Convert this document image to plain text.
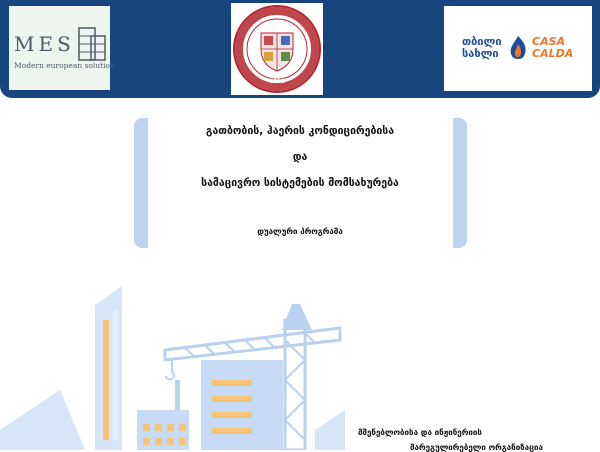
MES
Modern european solution
2018
თბილი
სახლი
CASA
CALDA
გათბობის, ჰაერის კონდიცირებისა
და
სამაცივრო სისტემების მომსახურება
დუალური პროგრამა
მშენებლობისა და ინჟინერიის
მარეგულირებელი ორგანიზაცია
